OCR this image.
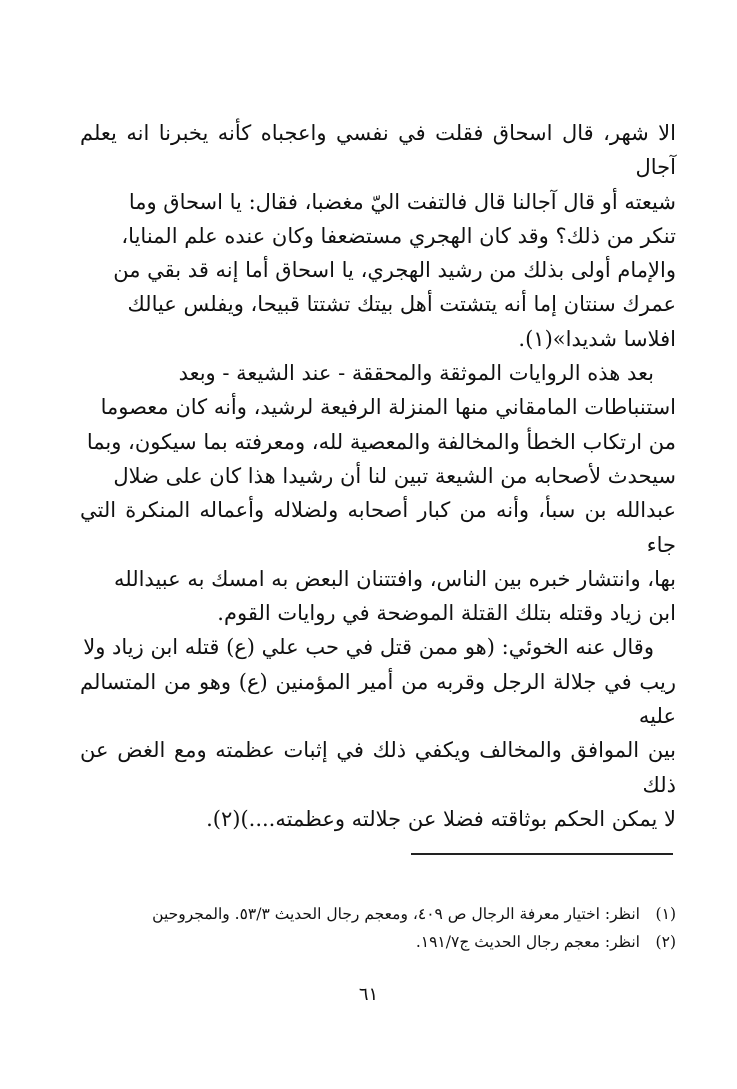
الا شهر، قال اسحاق فقلت في نفسي واعجباه كأنه يخبرنا انه يعلم آجال
شيعته أو قال آجالنا قال فالتفت اليّ مغضبا، فقال: يا اسحاق وما
تنكر من ذلك؟ وقد كان الهجري مستضعفا وكان عنده علم المنايا،
والإمام أولى بذلك من رشيد الهجري، يا اسحاق أما إنه قد بقي من
عمرك سنتان إما أنه يتشتت أهل بيتك تشتتا قبيحا، ويفلس عيالك
افلاسا شديدا»(١).

بعد هذه الروايات الموثقة والمحققة - عند الشيعة - وبعد
استنباطات المامقاني منها المنزلة الرفيعة لرشيد، وأنه كان معصوما
من ارتكاب الخطأ والمخالفة والمعصية لله، ومعرفته بما سيكون، وبما
سيحدث لأصحابه من الشيعة تبين لنا أن رشيدا هذا كان على ضلال
عبدالله بن سبأ، وأنه من كبار أصحابه ولضلاله وأعماله المنكرة التي جاء
بها، وانتشار خبره بين الناس، وافتتنان البعض به امسك به عبيدالله
ابن زياد وقتله بتلك القتلة الموضحة في روايات القوم.

وقال عنه الخوئي: (هو ممن قتل في حب علي (ع) قتله ابن زياد ولا
ريب في جلالة الرجل وقربه من أمير المؤمنين (ع) وهو من المتسالم عليه
بين الموافق والمخالف ويكفي ذلك في إثبات عظمته ومع الغض عن ذلك
لا يمكن الحكم بوثاقته فضلا عن جلالته وعظمته....)(٢).

(١)انظر: اختيار معرفة الرجال ص ٤٠٩، ومعجم رجال الحديث ٥٣/٣. والمجروحين
(٢)انظر: معجم رجال الحديث ج١٩١/٧.
٦١
